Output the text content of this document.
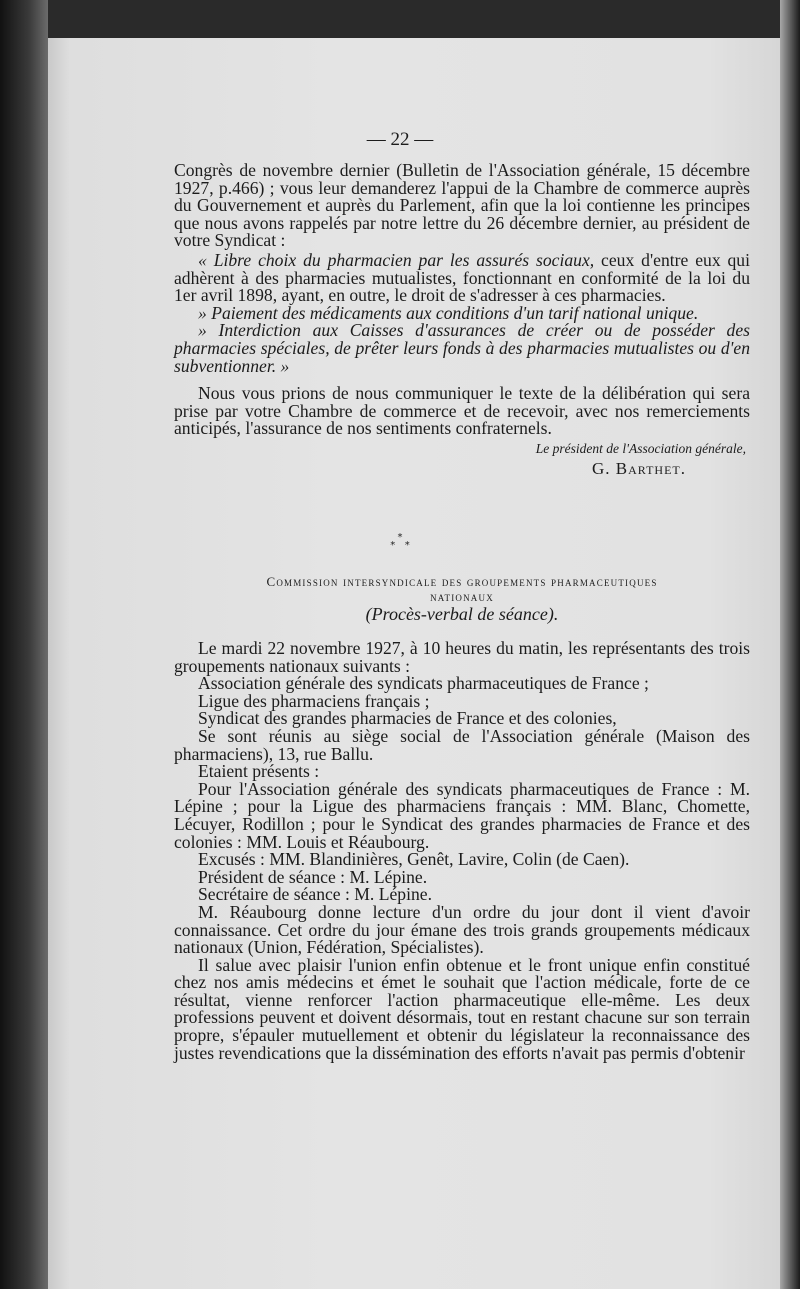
— 22 —

Congrès de novembre dernier (Bulletin de l'Association générale, 15 décembre 1927, p.466) ; vous leur demanderez l'appui de la Chambre de commerce auprès du Gouvernement et auprès du Parlement, afin que la loi contienne les principes que nous avons rappelés par notre lettre du 26 décembre dernier, au président de votre Syndicat :

« Libre choix du pharmacien par les assurés sociaux, ceux d'entre eux qui adhèrent à des pharmacies mutualistes, fonctionnant en conformité de la loi du 1er avril 1898, ayant, en outre, le droit de s'adresser à ces pharmacies.

» Paiement des médicaments aux conditions d'un tarif national unique.

» Interdiction aux Caisses d'assurances de créer ou de posséder des pharmacies spéciales, de prêter leurs fonds à des pharmacies mutualistes ou d'en subventionner. »

Nous vous prions de nous communiquer le texte de la délibération qui sera prise par votre Chambre de commerce et de recevoir, avec nos remerciements anticipés, l'assurance de nos sentiments confraternels.

Le président de l'Association générale,

G. Barthet.

*
*   *

Commission intersyndicale des groupements pharmaceutiques

nationaux

(Procès-verbal de séance).

Le mardi 22 novembre 1927, à 10 heures du matin, les représentants des trois groupements nationaux suivants :

Association générale des syndicats pharmaceutiques de France ;

Ligue des pharmaciens français ;

Syndicat des grandes pharmacies de France et des colonies,

Se sont réunis au siège social de l'Association générale (Maison des pharmaciens), 13, rue Ballu.

Etaient présents :

Pour l'Association générale des syndicats pharmaceutiques de France : M. Lépine ; pour la Ligue des pharmaciens français : MM. Blanc, Chomette, Lécuyer, Rodillon ; pour le Syndicat des grandes pharmacies de France et des colonies : MM. Louis et Réaubourg.

Excusés : MM. Blandinières, Genêt, Lavire, Colin (de Caen).

Président de séance : M. Lépine.

Secrétaire de séance : M. Lépine.

M. Réaubourg donne lecture d'un ordre du jour dont il vient d'avoir connaissance. Cet ordre du jour émane des trois grands groupements médicaux nationaux (Union, Fédération, Spécialistes).

Il salue avec plaisir l'union enfin obtenue et le front unique enfin constitué chez nos amis médecins et émet le souhait que l'action médicale, forte de ce résultat, vienne renforcer l'action pharmaceutique elle-même. Les deux professions peuvent et doivent désormais, tout en restant chacune sur son terrain propre, s'épauler mutuellement et obtenir du législateur la reconnaissance des justes revendications que la dissémination des efforts n'avait pas permis d'obtenir
